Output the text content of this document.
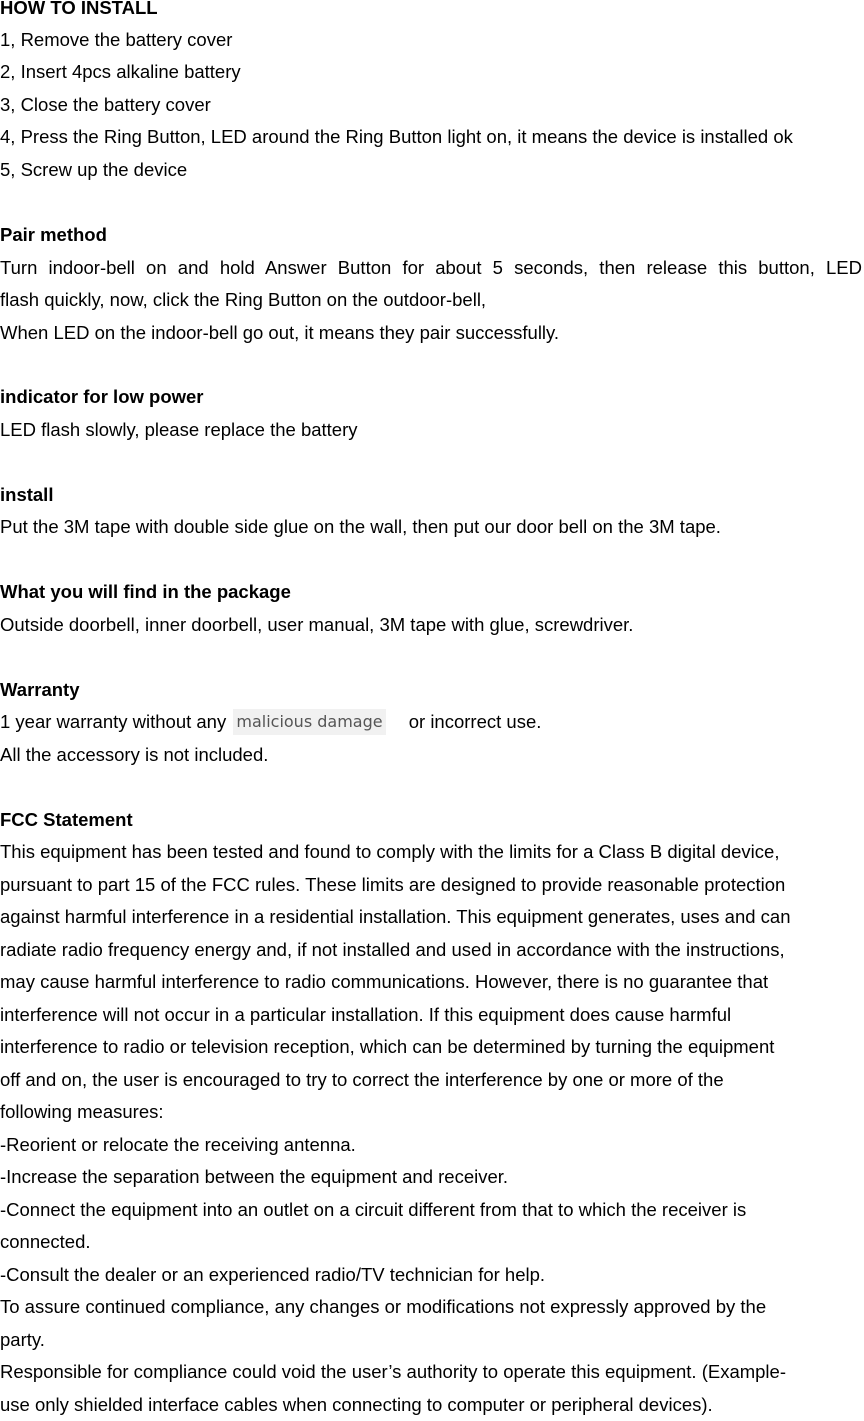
HOW TO INSTALL
1, Remove the battery cover
2, Insert 4pcs alkaline battery
3, Close the battery cover
4, Press the Ring Button, LED around the Ring Button light on, it means the device is installed ok
5, Screw up the device
Pair method
Turn indoor-bell on and hold Answer Button for about 5 seconds, then release this button, LED
flash quickly, now, click the Ring Button on the outdoor-bell,
When LED on the indoor-bell go out, it means they pair successfully.
indicator for low power
LED flash slowly, please replace the battery
install
Put the 3M tape with double side glue on the wall, then put our door bell on the 3M tape.
What you will find in the package
Outside doorbell, inner doorbell, user manual, 3M tape with glue, screwdriver.
Warranty
1 year warranty without any malicious damage or incorrect use.
All the accessory is not included.
FCC Statement
This equipment has been tested and found to comply with the limits for a Class B digital device,
pursuant to part 15 of the FCC rules. These limits are designed to provide reasonable protection
against harmful interference in a residential installation. This equipment generates, uses and can
radiate radio frequency energy and, if not installed and used in accordance with the instructions,
may cause harmful interference to radio communications. However, there is no guarantee that
interference will not occur in a particular installation. If this equipment does cause harmful
interference to radio or television reception, which can be determined by turning the equipment
off and on, the user is encouraged to try to correct the interference by one or more of the
following measures:
-Reorient or relocate the receiving antenna.
-Increase the separation between the equipment and receiver.
-Connect the equipment into an outlet on a circuit different from that to which the receiver is
connected.
-Consult the dealer or an experienced radio/TV technician for help.
To assure continued compliance, any changes or modifications not expressly approved by the
party.
Responsible for compliance could void the user’s authority to operate this equipment. (Example-
use only shielded interface cables when connecting to computer or peripheral devices).
